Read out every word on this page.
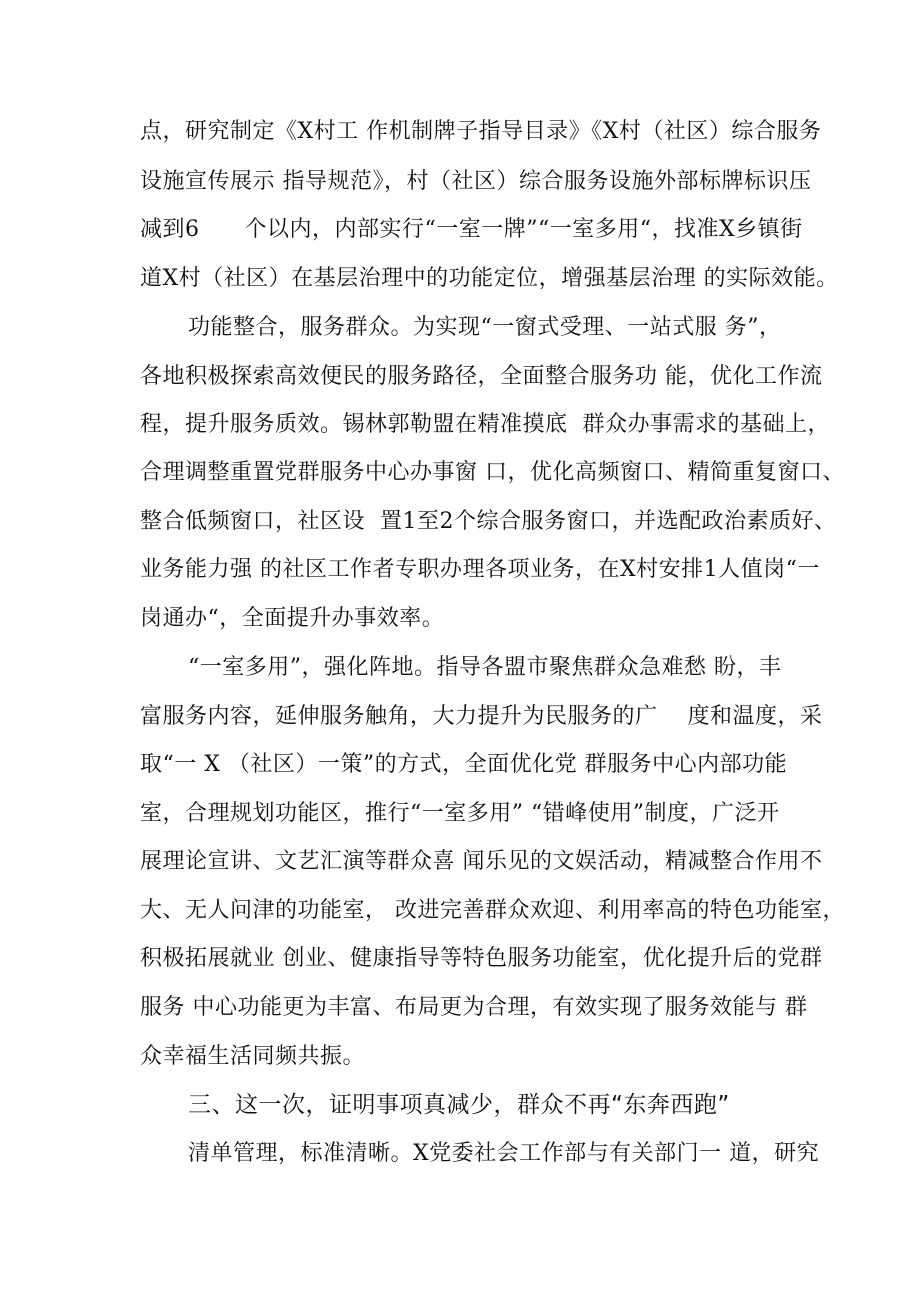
点，研究制定《X村工 作机制牌子指导目录》《X村（社区）综合服务
设施宣传展示 指导规范》，村（社区）综合服务设施外部标牌标识压
减到6      个以内，内部实行“一室一牌”“一室多用“，找准X乡镇街
道X村（社区）在基层治理中的功能定位，增强基层治理 的实际效能。
功能整合，服务群众。为实现“一窗式受理、一站式服 务”，
各地积极探索高效便民的服务路径，全面整合服务功 能，优化工作流
程，提升服务质效。锡林郭勒盟在精准摸底  群众办事需求的基础上，
合理调整重置党群服务中心办事窗 口，优化高频窗口、精简重复窗口、
整合低频窗口，社区设  置1至2个综合服务窗口，并选配政治素质好、
业务能力强 的社区工作者专职办理各项业务，在X村安排1人值岗“一
岗通办“，全面提升办事效率。
“一室多用”，强化阵地。指导各盟市聚焦群众急难愁 盼，丰
富服务内容，延伸服务触角，大力提升为民服务的广    度和温度，采
取“一 X （社区）一策”的方式，全面优化党 群服务中心内部功能
室，合理规划功能区，推行“一室多用” “错峰使用”制度，广泛开
展理论宣讲、文艺汇演等群众喜 闻乐见的文娱活动，精减整合作用不
大、无人问津的功能室， 改进完善群众欢迎、利用率高的特色功能室，
积极拓展就业 创业、健康指导等特色服务功能室，优化提升后的党群
服务 中心功能更为丰富、布局更为合理，有效实现了服务效能与 群
众幸福生活同频共振。
三、这一次，证明事项真减少，群众不再“东奔西跑”
清单管理，标准清晰。X党委社会工作部与有关部门一 道，研究
